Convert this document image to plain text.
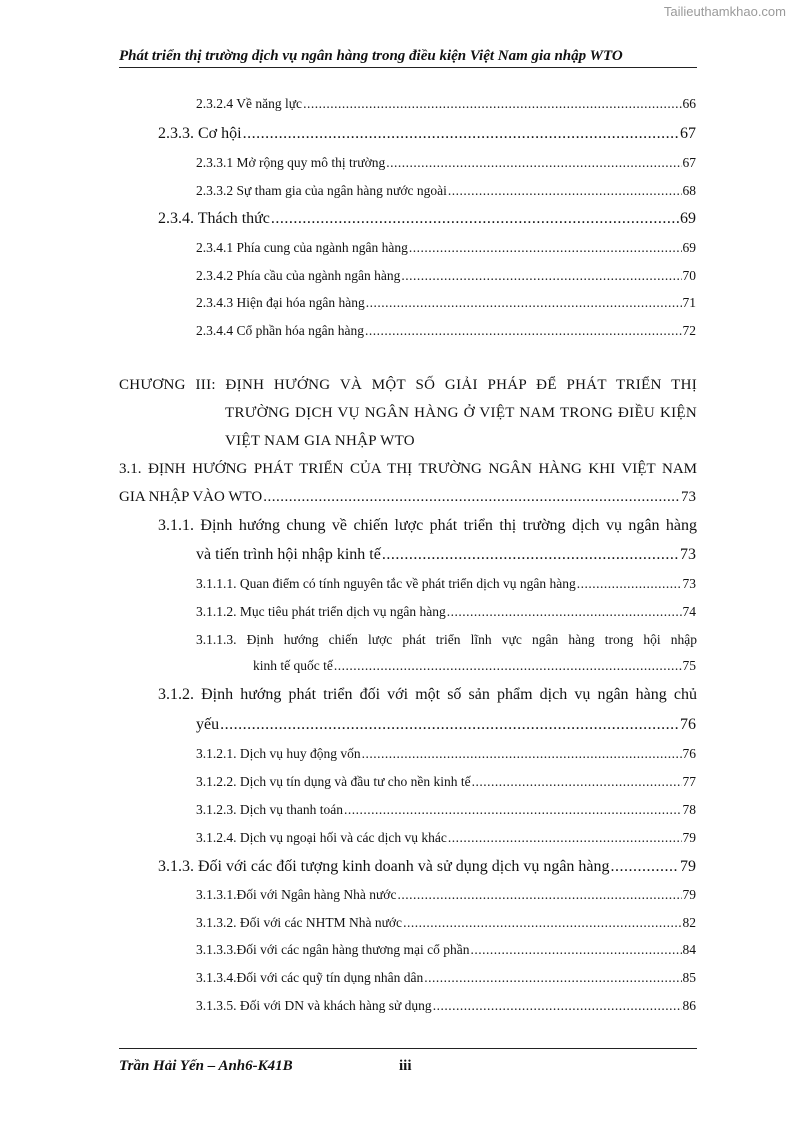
Tailieuthamkhao.com
Phát triển thị trường dịch vụ ngân hàng trong điều kiện Việt Nam gia nhập WTO
2.3.2.4 Về năng lực .....	66
2.3.3. Cơ hội .....	67
2.3.3.1 Mở rộng quy mô thị trường .....	67
2.3.3.2 Sự tham gia của ngân hàng nước ngoài .....	68
2.3.4. Thách thức .....	69
2.3.4.1 Phía cung của ngành ngân hàng .....	69
2.3.4.2 Phía cầu của ngành ngân hàng .....	70
2.3.4.3 Hiện đại hóa ngân hàng .....	71
2.3.4.4 Cổ phần hóa ngân hàng .....	72
CHƯƠNG III: ĐỊNH HƯỚNG VÀ MỘT SỐ GIẢI PHÁP ĐỂ PHÁT TRIỂN THỊ
TRƯỜNG DỊCH VỤ NGÂN HÀNG Ở VIỆT NAM TRONG ĐIỀU KIỆN
VIỆT NAM GIA NHẬP WTO
3.1. ĐỊNH HƯỚNG PHÁT TRIỂN CỦA THỊ TRƯỜNG NGÂN HÀNG KHI VIỆT NAM
GIA NHẬP VÀO WTO .....	73
3.1.1. Định hướng chung về chiến lược phát triển thị trường dịch vụ ngân hàng
và tiến trình hội nhập kinh tế .....	73
3.1.1.1. Quan điểm có tính nguyên tắc về phát triển dịch vụ ngân hàng .....	73
3.1.1.2. Mục tiêu phát triển dịch vụ ngân hàng .....	74
3.1.1.3. Định hướng chiến lược phát triển lĩnh vực ngân hàng trong hội nhập
kinh tế quốc tế .....	75
3.1.2. Định hướng phát triển đối với một số sản phẩm dịch vụ ngân hàng chủ
yếu .....	76
3.1.2.1. Dịch vụ huy động vốn .....	76
3.1.2.2. Dịch vụ tín dụng và đầu tư cho nền kinh tế .....	77
3.1.2.3. Dịch vụ thanh toán .....	78
3.1.2.4. Dịch vụ ngoại hối và các dịch vụ khác .....	79
3.1.3. Đối với các đối tượng kinh doanh và sử dụng dịch vụ ngân hàng .....	79
3.1.3.1.Đối với Ngân hàng Nhà nước .....	79
3.1.3.2. Đối với các NHTM Nhà nước .....	82
3.1.3.3.Đối với các ngân hàng thương mại cổ phần .....	84
3.1.3.4.Đối với các quỹ tín dụng nhân dân .....	85
3.1.3.5. Đối với DN và khách hàng sử dụng .....	86
Trần Hải Yến – Anh6-K41B	iii
